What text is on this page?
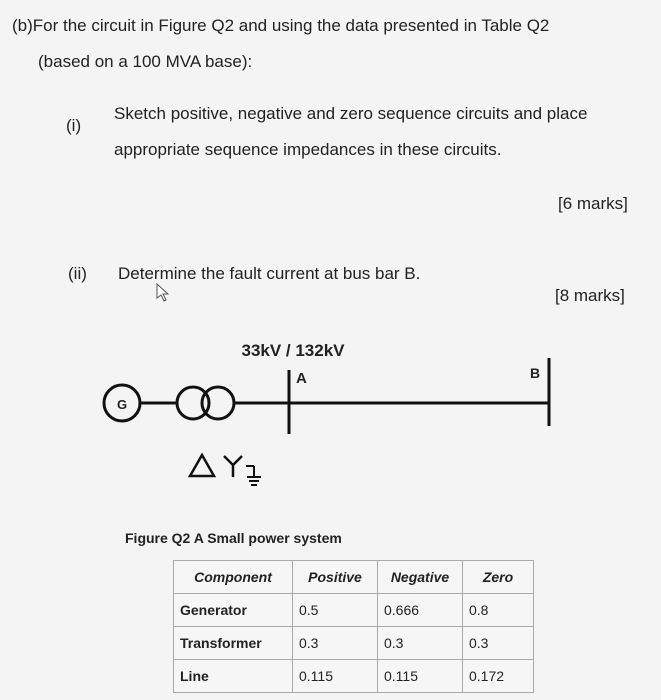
(b)For the circuit in Figure Q2 and using the data presented in Table Q2
(based on a 100 MVA base):
(i)
Sketch positive, negative and zero sequence circuits and place
appropriate sequence impedances in these circuits.
[6 marks]
(ii) Determine the fault current at bus bar B.
[8 marks]
33kV / 132kV
G
A	B
Figure Q2 A Small power system
Component	Positive	Negative	Zero
Generator	0.5	0.666	0.8
Transformer	0.3	0.3	0.3
Line	0.115	0.115	0.172
